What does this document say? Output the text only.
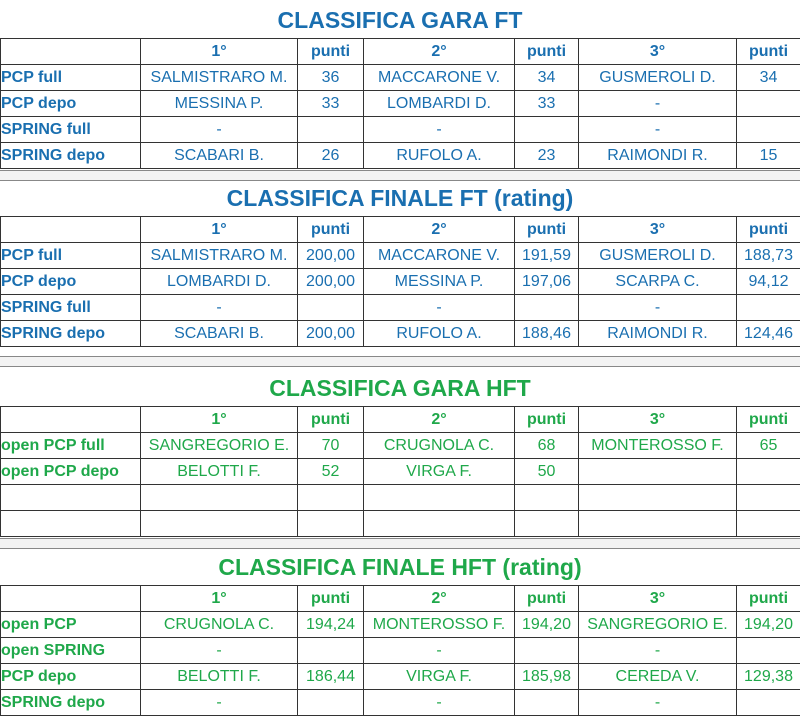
CLASSIFICA GARA FT
	1°	punti	2°	punti	3°	punti
PCP full	SALMISTRARO M.	36	MACCARONE V.	34	GUSMEROLI D.	34
PCP depo	MESSINA P.	33	LOMBARDI D.	33	-	
SPRING full	-		-		-	
SPRING depo	SCABARI B.	26	RUFOLO A.	23	RAIMONDI R.	15
CLASSIFICA FINALE FT (rating)
	1°	punti	2°	punti	3°	punti
PCP full	SALMISTRARO M.	200,00	MACCARONE V.	191,59	GUSMEROLI D.	188,73
PCP depo	LOMBARDI D.	200,00	MESSINA P.	197,06	SCARPA C.	94,12
SPRING full	-		-		-	
SPRING depo	SCABARI B.	200,00	RUFOLO A.	188,46	RAIMONDI R.	124,46
CLASSIFICA GARA HFT
	1°	punti	2°	punti	3°	punti
open PCP full	SANGREGORIO E.	70	CRUGNOLA C.	68	MONTEROSSO F.	65
open PCP depo	BELOTTI F.	52	VIRGA F.	50		

CLASSIFICA FINALE HFT (rating)
	1°	punti	2°	punti	3°	punti
open PCP	CRUGNOLA C.	194,24	MONTEROSSO F.	194,20	SANGREGORIO E.	194,20
open SPRING	-		-		-	
PCP depo	BELOTTI F.	186,44	VIRGA F.	185,98	CEREDA V.	129,38
SPRING depo	-		-		-	
